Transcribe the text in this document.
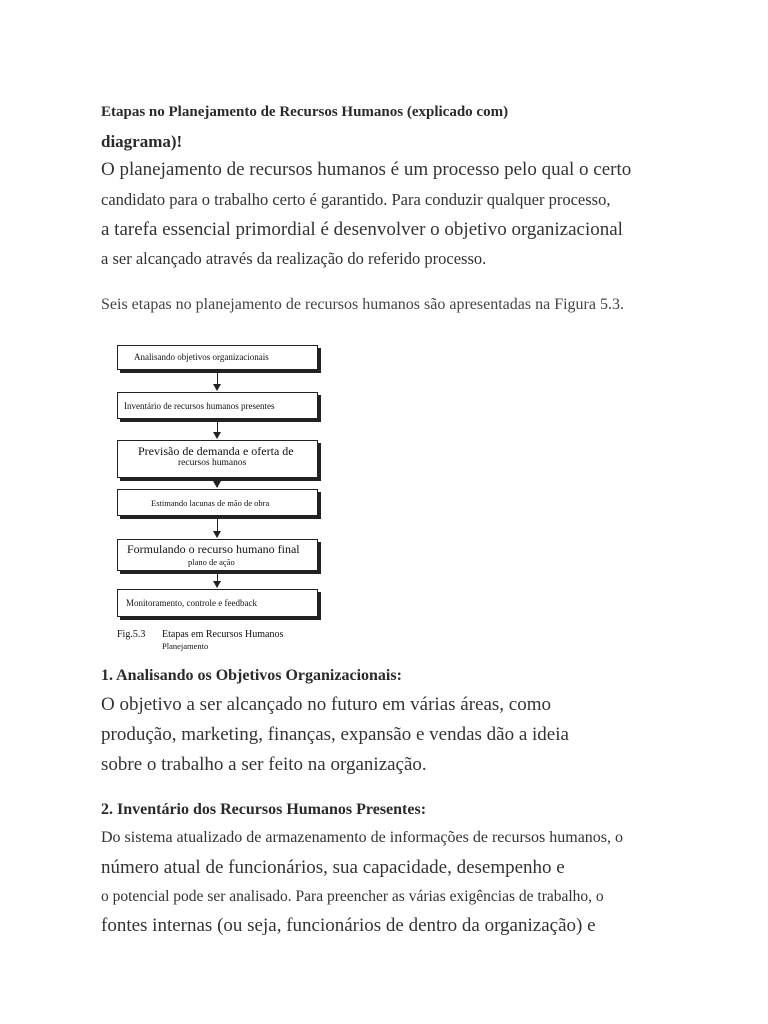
Etapas no Planejamento de Recursos Humanos (explicado com)
diagrama)!
O planejamento de recursos humanos é um processo pelo qual o certo
candidato para o trabalho certo é garantido. Para conduzir qualquer processo,
a tarefa essencial primordial é desenvolver o objetivo organizacional
a ser alcançado através da realização do referido processo.
Seis etapas no planejamento de recursos humanos são apresentadas na Figura 5.3.
Analisando objetivos organizacionais
Inventário de recursos humanos presentes
Previsão de demanda e oferta de
recursos humanos
Estimando lacunas de mão de obra
Formulando o recurso humano final
plano de ação
Monitoramento, controle e feedback
Fig.5.3 Etapas em Recursos Humanos
Planejamento
1. Analisando os Objetivos Organizacionais:
O objetivo a ser alcançado no futuro em várias áreas, como
produção, marketing, finanças, expansão e vendas dão a ideia
sobre o trabalho a ser feito na organização.
2. Inventário dos Recursos Humanos Presentes:
Do sistema atualizado de armazenamento de informações de recursos humanos, o
número atual de funcionários, sua capacidade, desempenho e
o potencial pode ser analisado. Para preencher as várias exigências de trabalho, o
fontes internas (ou seja, funcionários de dentro da organização) e
